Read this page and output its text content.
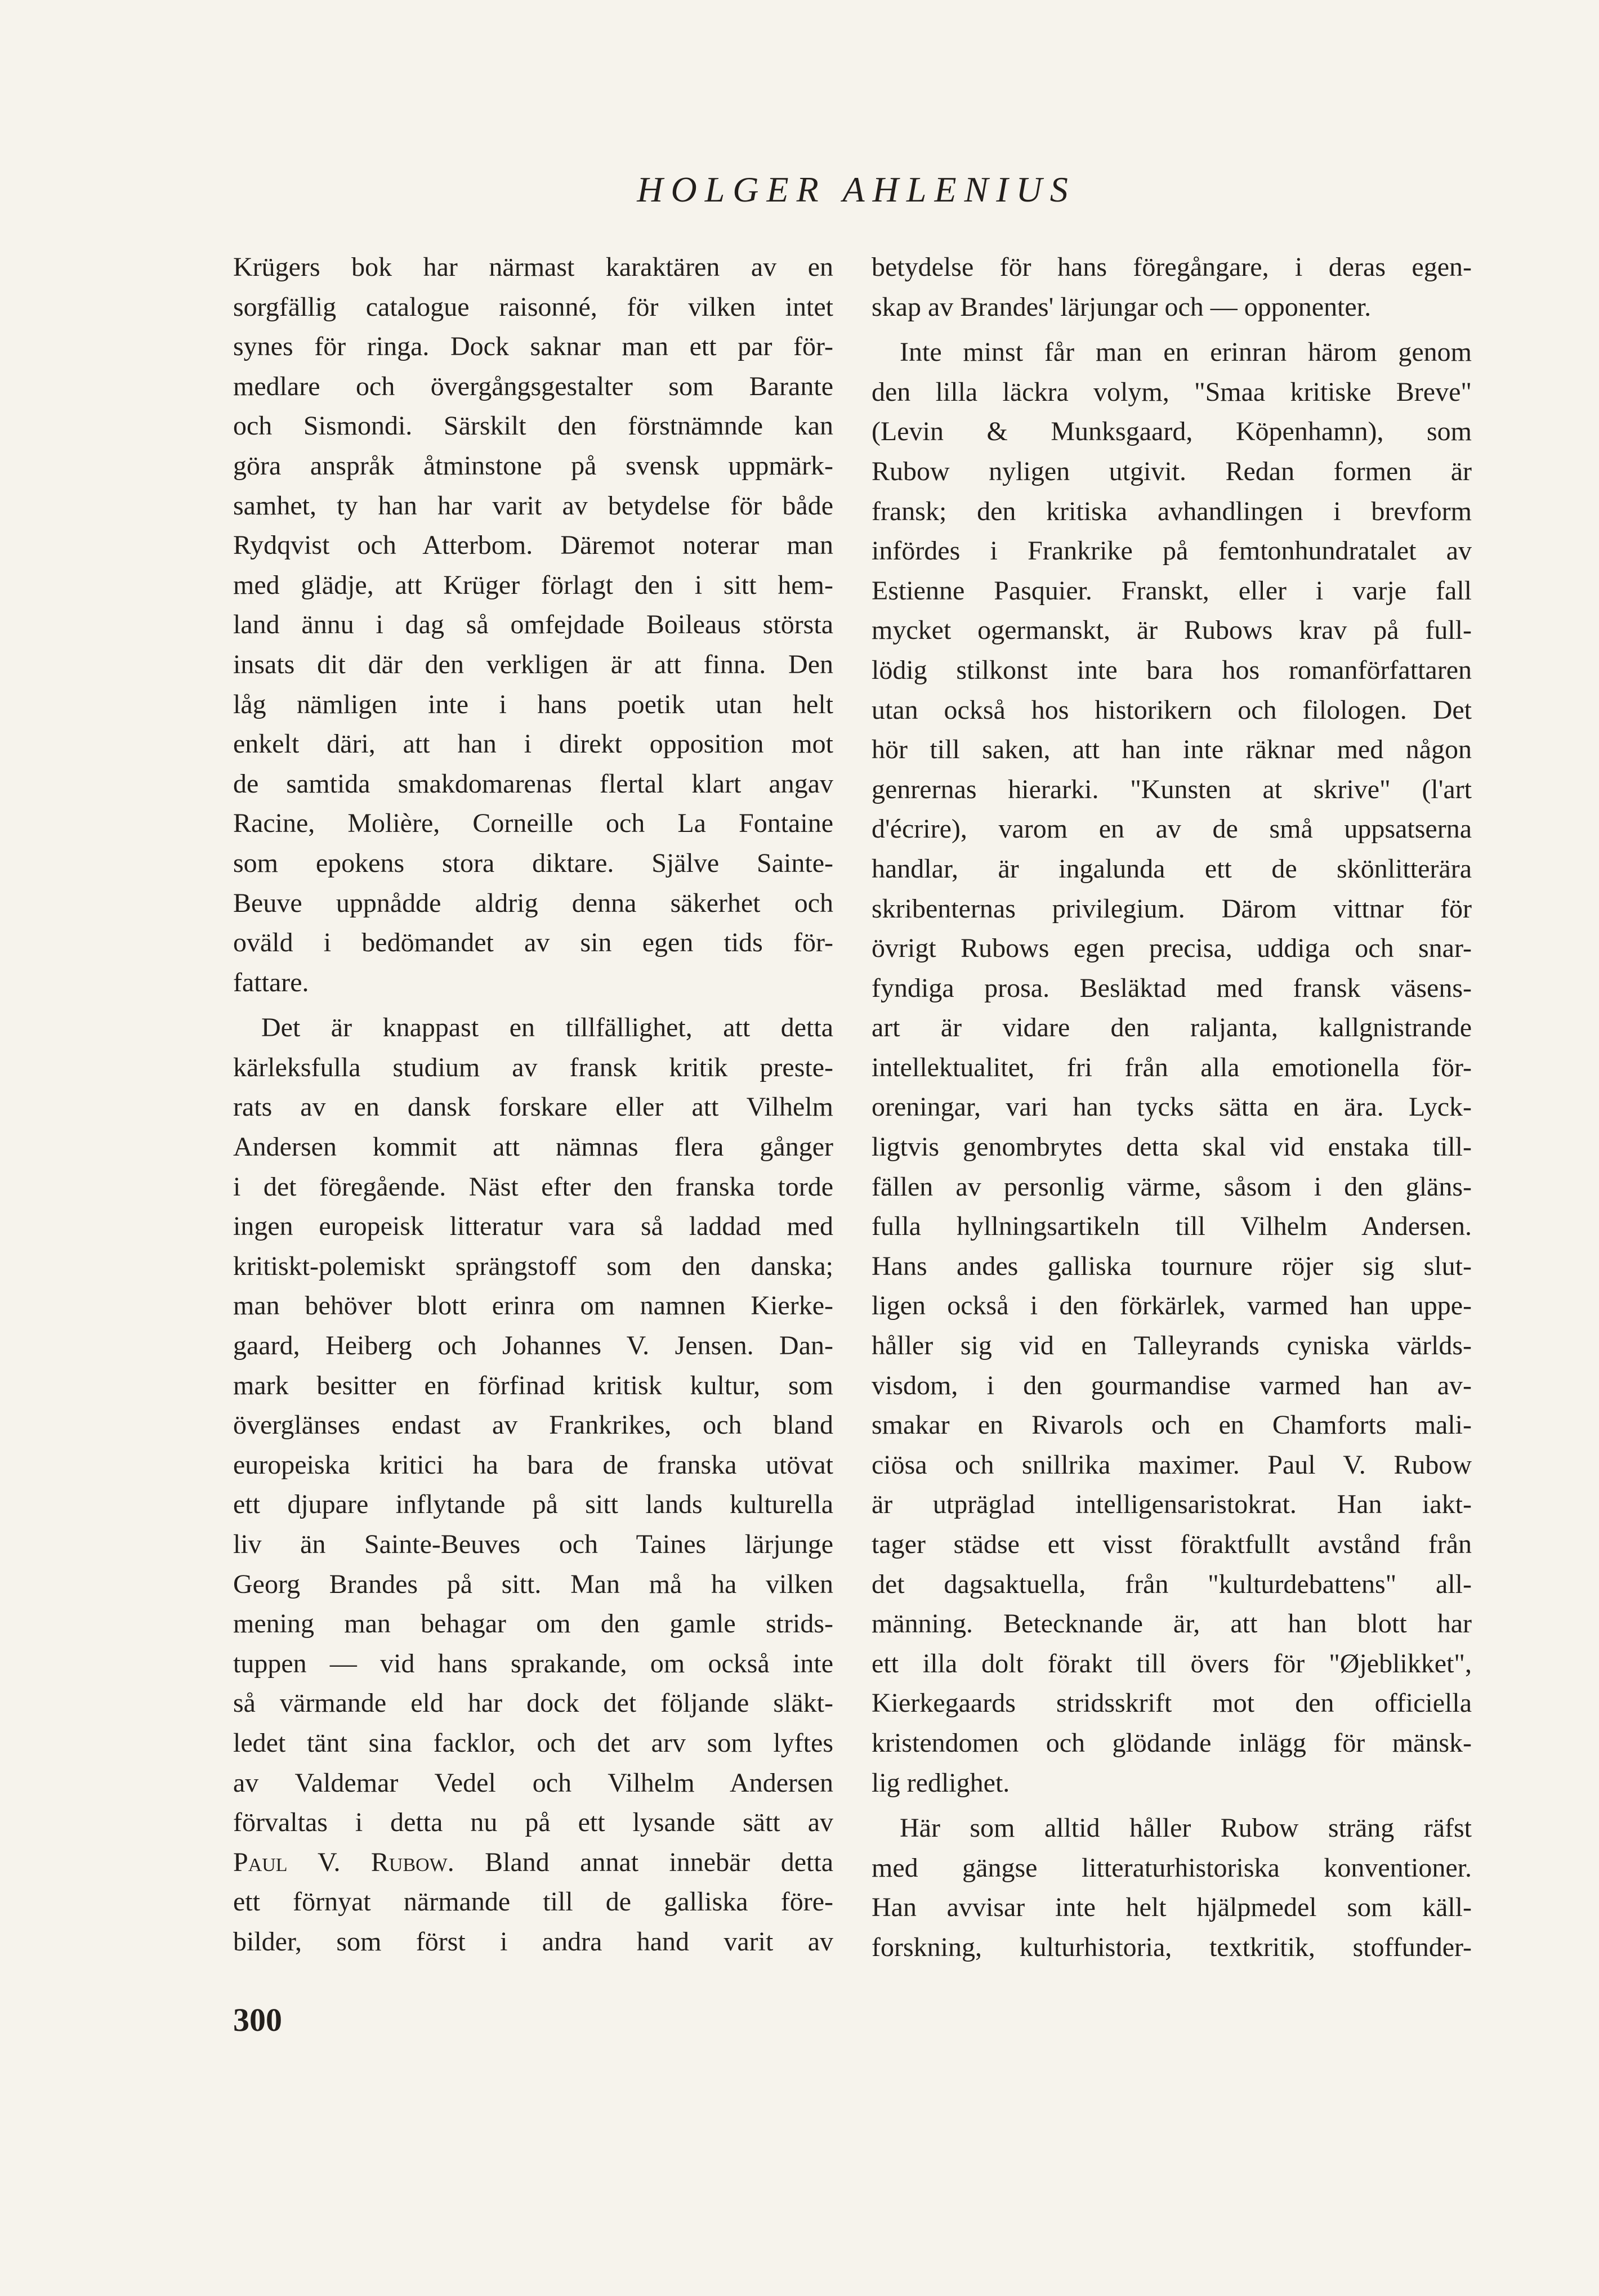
HOLGER AHLENIUS
Krügers bok har närmast karaktären av en
sorgfällig catalogue raisonné, för vilken intet
synes för ringa. Dock saknar man ett par för-
medlare och övergångsgestalter som Barante
och Sismondi. Särskilt den förstnämnde kan
göra anspråk åtminstone på svensk uppmärk-
samhet, ty han har varit av betydelse för både
Rydqvist och Atterbom. Däremot noterar man
med glädje, att Krüger förlagt den i sitt hem-
land ännu i dag så omfejdade Boileaus största
insats dit där den verkligen är att finna. Den
låg nämligen inte i hans poetik utan helt
enkelt däri, att han i direkt opposition mot
de samtida smakdomarenas flertal klart angav
Racine, Molière, Corneille och La Fontaine
som epokens stora diktare. Själve Sainte-
Beuve uppnådde aldrig denna säkerhet och
oväld i bedömandet av sin egen tids för-
fattare.
Det är knappast en tillfällighet, att detta
kärleksfulla studium av fransk kritik preste-
rats av en dansk forskare eller att Vilhelm
Andersen kommit att nämnas flera gånger
i det föregående. Näst efter den franska torde
ingen europeisk litteratur vara så laddad med
kritiskt-polemiskt sprängstoff som den danska;
man behöver blott erinra om namnen Kierke-
gaard, Heiberg och Johannes V. Jensen. Dan-
mark besitter en förfinad kritisk kultur, som
överglänses endast av Frankrikes, och bland
europeiska kritici ha bara de franska utövat
ett djupare inflytande på sitt lands kulturella
liv än Sainte-Beuves och Taines lärjunge
Georg Brandes på sitt. Man må ha vilken
mening man behagar om den gamle strids-
tuppen — vid hans sprakande, om också inte
så värmande eld har dock det följande släkt-
ledet tänt sina facklor, och det arv som lyftes
av Valdemar Vedel och Vilhelm Andersen
förvaltas i detta nu på ett lysande sätt av
Paul V. Rubow. Bland annat innebär detta
ett förnyat närmande till de galliska före-
bilder, som först i andra hand varit av
betydelse för hans föregångare, i deras egen-
skap av Brandes' lärjungar och — opponenter.
Inte minst får man en erinran härom genom
den lilla läckra volym, "Smaa kritiske Breve"
(Levin & Munksgaard, Köpenhamn), som
Rubow nyligen utgivit. Redan formen är
fransk; den kritiska avhandlingen i brevform
infördes i Frankrike på femtonhundratalet av
Estienne Pasquier. Franskt, eller i varje fall
mycket ogermanskt, är Rubows krav på full-
lödig stilkonst inte bara hos romanförfattaren
utan också hos historikern och filologen. Det
hör till saken, att han inte räknar med någon
genrernas hierarki. "Kunsten at skrive" (l'art
d'écrire), varom en av de små uppsatserna
handlar, är ingalunda ett de skönlitterära
skribenternas privilegium. Därom vittnar för
övrigt Rubows egen precisa, uddiga och snar-
fyndiga prosa. Besläktad med fransk väsens-
art är vidare den raljanta, kallgnistrande
intellektualitet, fri från alla emotionella för-
oreningar, vari han tycks sätta en ära. Lyck-
ligtvis genombrytes detta skal vid enstaka till-
fällen av personlig värme, såsom i den gläns-
fulla hyllningsartikeln till Vilhelm Andersen.
Hans andes galliska tournure röjer sig slut-
ligen också i den förkärlek, varmed han uppe-
håller sig vid en Talleyrands cyniska världs-
visdom, i den gourmandise varmed han av-
smakar en Rivarols och en Chamforts mali-
ciösa och snillrika maximer. Paul V. Rubow
är utpräglad intelligensaristokrat. Han iakt-
tager städse ett visst föraktfullt avstånd från
det dagsaktuella, från "kulturdebattens" all-
männing. Betecknande är, att han blott har
ett illa dolt förakt till övers för "Øjeblikket",
Kierkegaards stridsskrift mot den officiella
kristendomen och glödande inlägg för mänsk-
lig redlighet.
Här som alltid håller Rubow sträng räfst
med gängse litteraturhistoriska konventioner.
Han avvisar inte helt hjälpmedel som käll-
forskning, kulturhistoria, textkritik, stoffunder-
300
